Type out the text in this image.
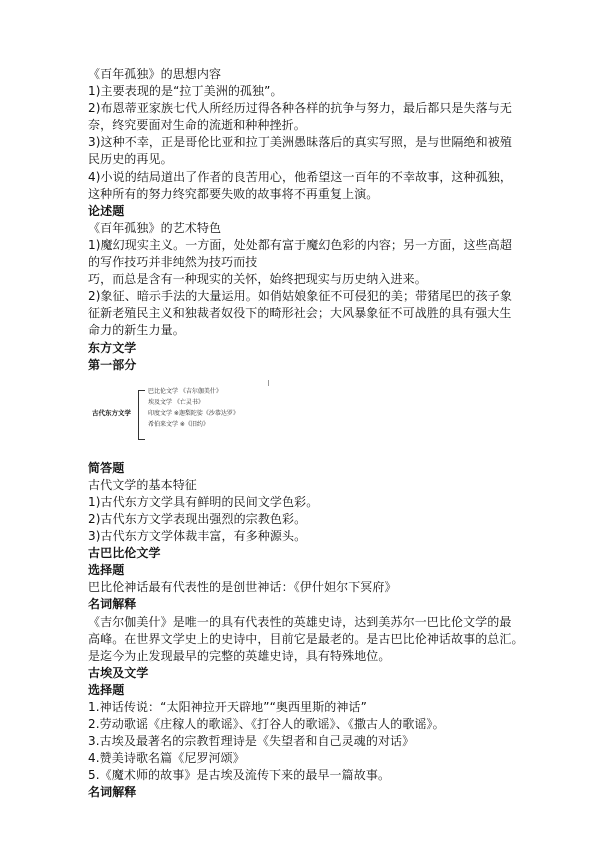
《百年孤独》的思想内容
1)主要表现的是“拉丁美洲的孤独”。
2)布恩蒂亚家族七代人所经历过得各种各样的抗争与努力，最后都只是失落与无
奈，终究要面对生命的流逝和种种挫折。
3)这种不幸，正是哥伦比亚和拉丁美洲愚昧落后的真实写照，是与世隔绝和被殖
民历史的再见。
4)小说的结局道出了作者的良苦用心，他希望这一百年的不幸故事，这种孤独，
这种所有的努力终究都要失败的故事将不再重复上演。
论述题
《百年孤独》的艺术特色
1)魔幻现实主义。一方面，处处都有富于魔幻色彩的内容；另一方面，这些高超
的写作技巧并非纯然为技巧而技
巧，而总是含有一种现实的关怀，始终把现实与历史纳入进来。
2)象征、暗示手法的大量运用。如俏姑娘象征不可侵犯的美；带猪尾巴的孩子象
征新老殖民主义和独裁者奴役下的畸形社会；大风暴象征不可战胜的具有强大生
命力的新生力量。
东方文学
第一部分
古代东方文学
巴比伦文学 《吉尔伽美什》
埃及文学 《亡灵书》
印度文学 ※迦梨陀娑《沙恭达罗》
希伯来文学 ※《旧约》
简答题
古代文学的基本特征
1)古代东方文学具有鲜明的民间文学色彩。
2)古代东方文学表现出强烈的宗教色彩。
3)古代东方文学体裁丰富，有多种源头。
古巴比伦文学
选择题
巴比伦神话最有代表性的是创世神话：《伊什妲尔下冥府》
名词解释
《吉尔伽美什》是唯一的具有代表性的英雄史诗，达到美苏尔一巴比伦文学的最
高峰。在世界文学史上的史诗中，目前它是最老的。是古巴比伦神话故事的总汇。
是迄今为止发现最早的完整的英雄史诗，具有特殊地位。
古埃及文学
选择题
1.神话传说：“太阳神拉开天辟地”“奥西里斯的神话”
2.劳动歌谣《庄稼人的歌谣》、《打谷人的歌谣》、《撒古人的歌谣》。
3.古埃及最著名的宗教哲理诗是《失望者和自己灵魂的对话》
4.赞美诗歌名篇《尼罗河颂》
5.《魔术师的故事》是古埃及流传下来的最早一篇故事。
名词解释
